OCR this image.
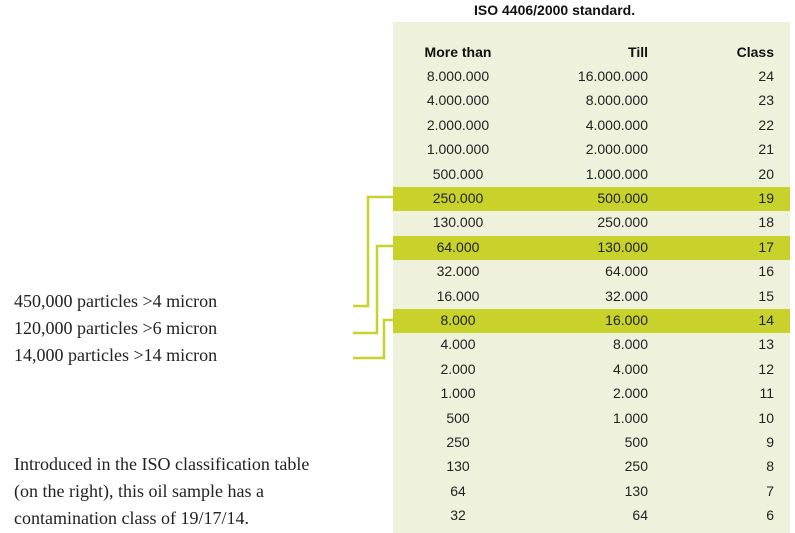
ISO 4406/2000 standard.
More than	Till	Class
8.000.000	16.000.000	24
4.000.000	8.000.000	23
2.000.000	4.000.000	22
1.000.000	2.000.000	21
500.000	1.000.000	20
250.000	500.000	19
130.000	250.000	18
64.000	130.000	17
32.000	64.000	16
16.000	32.000	15
8.000	16.000	14
4.000	8.000	13
2.000	4.000	12
1.000	2.000	11
500	1.000	10
250	500	9
130	250	8
64	130	7
32	64	6
450,000 particles >4 micron
120,000 particles >6 micron
14,000 particles >14 micron
Introduced in the ISO classification table
(on the right), this oil sample has a
contamination class of 19/17/14.
